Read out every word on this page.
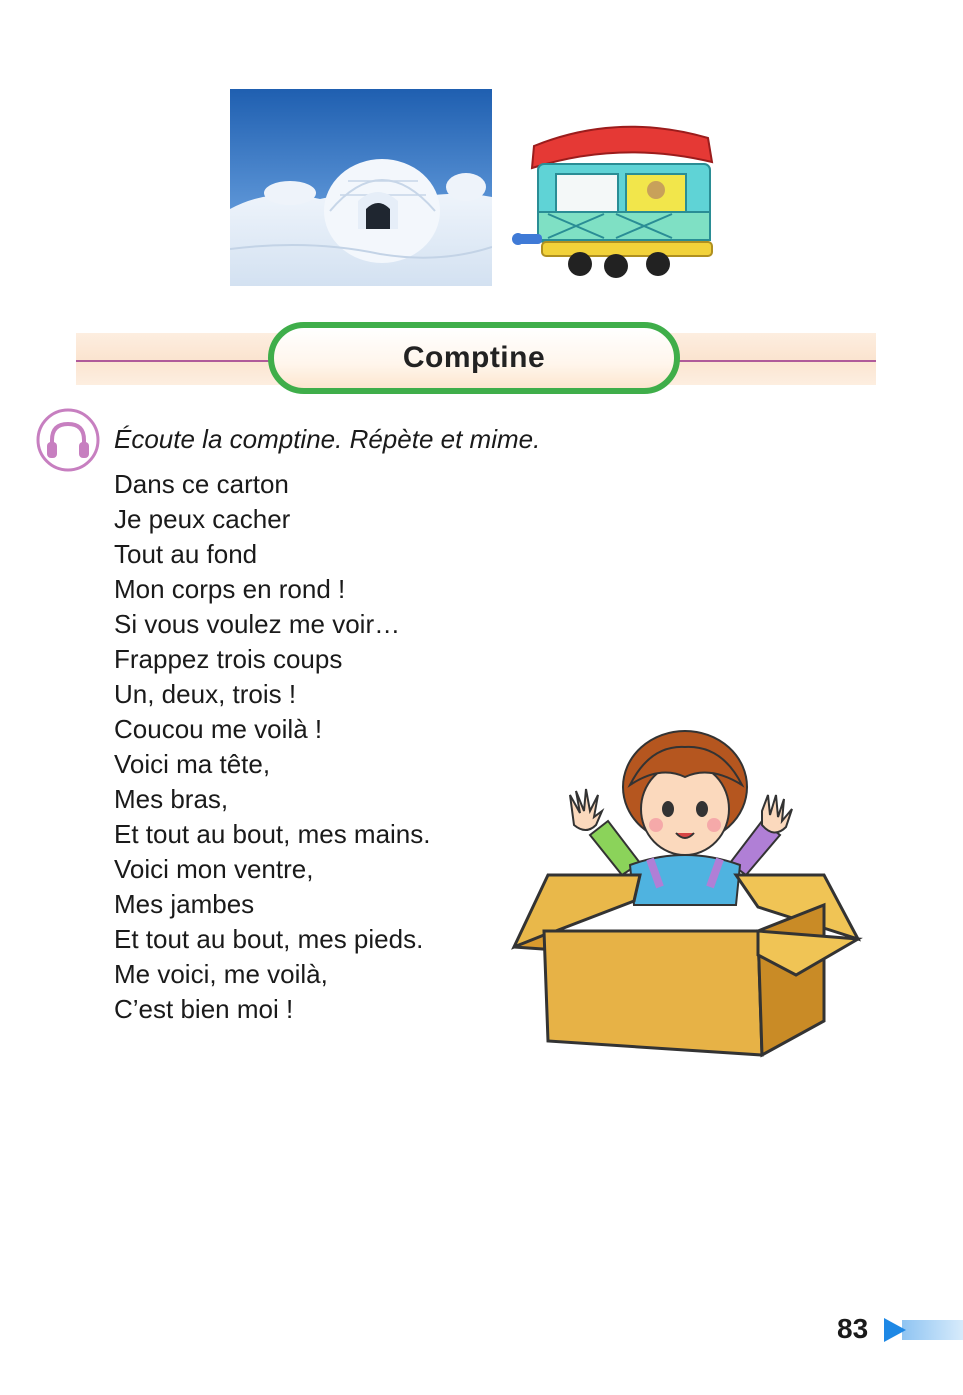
Comptine
Écoute la comptine. Répète et mime.
Dans ce carton
Je peux cacher
Tout au fond
Mon corps en rond !
Si vous voulez me voir…
Frappez trois coups
Un, deux, trois !
Coucou me voilà !
Voici ma tête,
Mes bras,
Et tout au bout, mes mains.
Voici mon ventre,
Mes jambes
Et tout au bout, mes pieds.
Me voici, me voilà,
C’est bien moi !
83
